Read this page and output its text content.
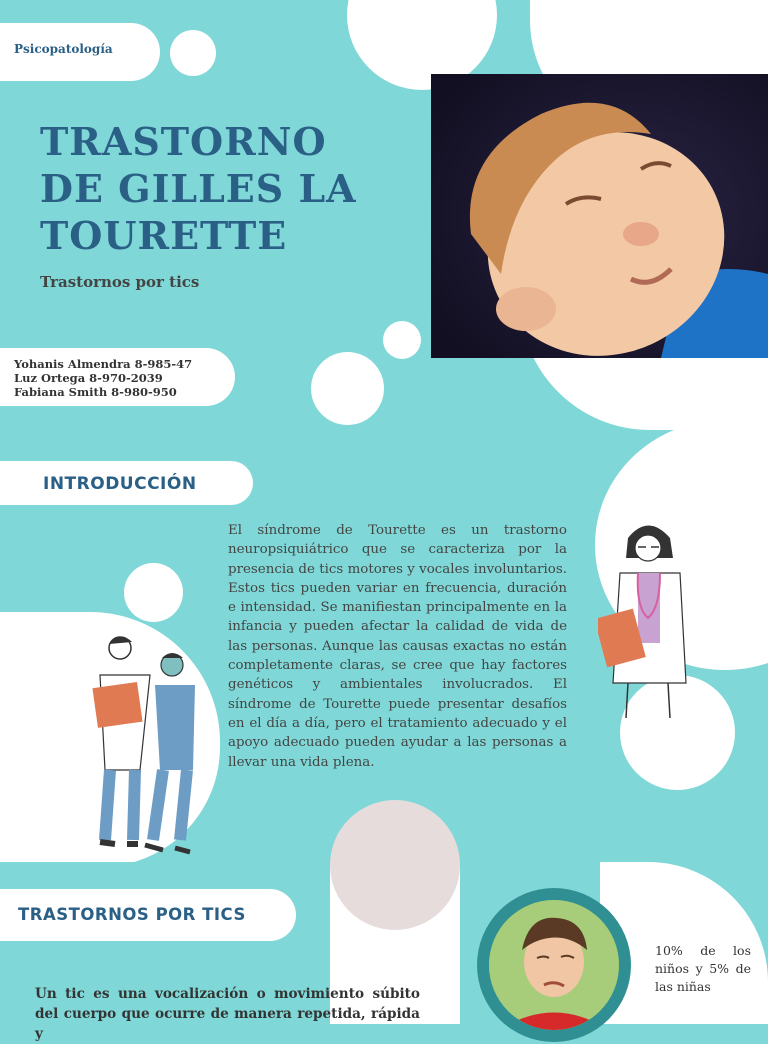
Psicopatología
TRASTORNO
DE GILLES LA
TOURETTE
Trastornos por tics
Yohanis Almendra 8-985-47
Luz Ortega 8-970-2039
Fabiana Smith 8-980-950
INTRODUCCIÓN
El síndrome de Tourette es un trastorno neuropsiquiátrico que se caracteriza por la presencia de tics motores y vocales involuntarios. Estos tics pueden variar en frecuencia, duración e intensidad. Se manifiestan principalmente en la infancia y pueden afectar la calidad de vida de las personas. Aunque las causas exactas no están completamente claras, se cree que hay factores genéticos y ambientales involucrados. El síndrome de Tourette puede presentar desafíos en el día a día, pero el tratamiento adecuado y el apoyo adecuado pueden ayudar a las personas a llevar una vida plena.
TRASTORNOS POR TICS
10% de los niños y 5% de las niñas
Un tic es una vocalización o movimiento súbito del cuerpo que ocurre de manera repetida, rápida y
